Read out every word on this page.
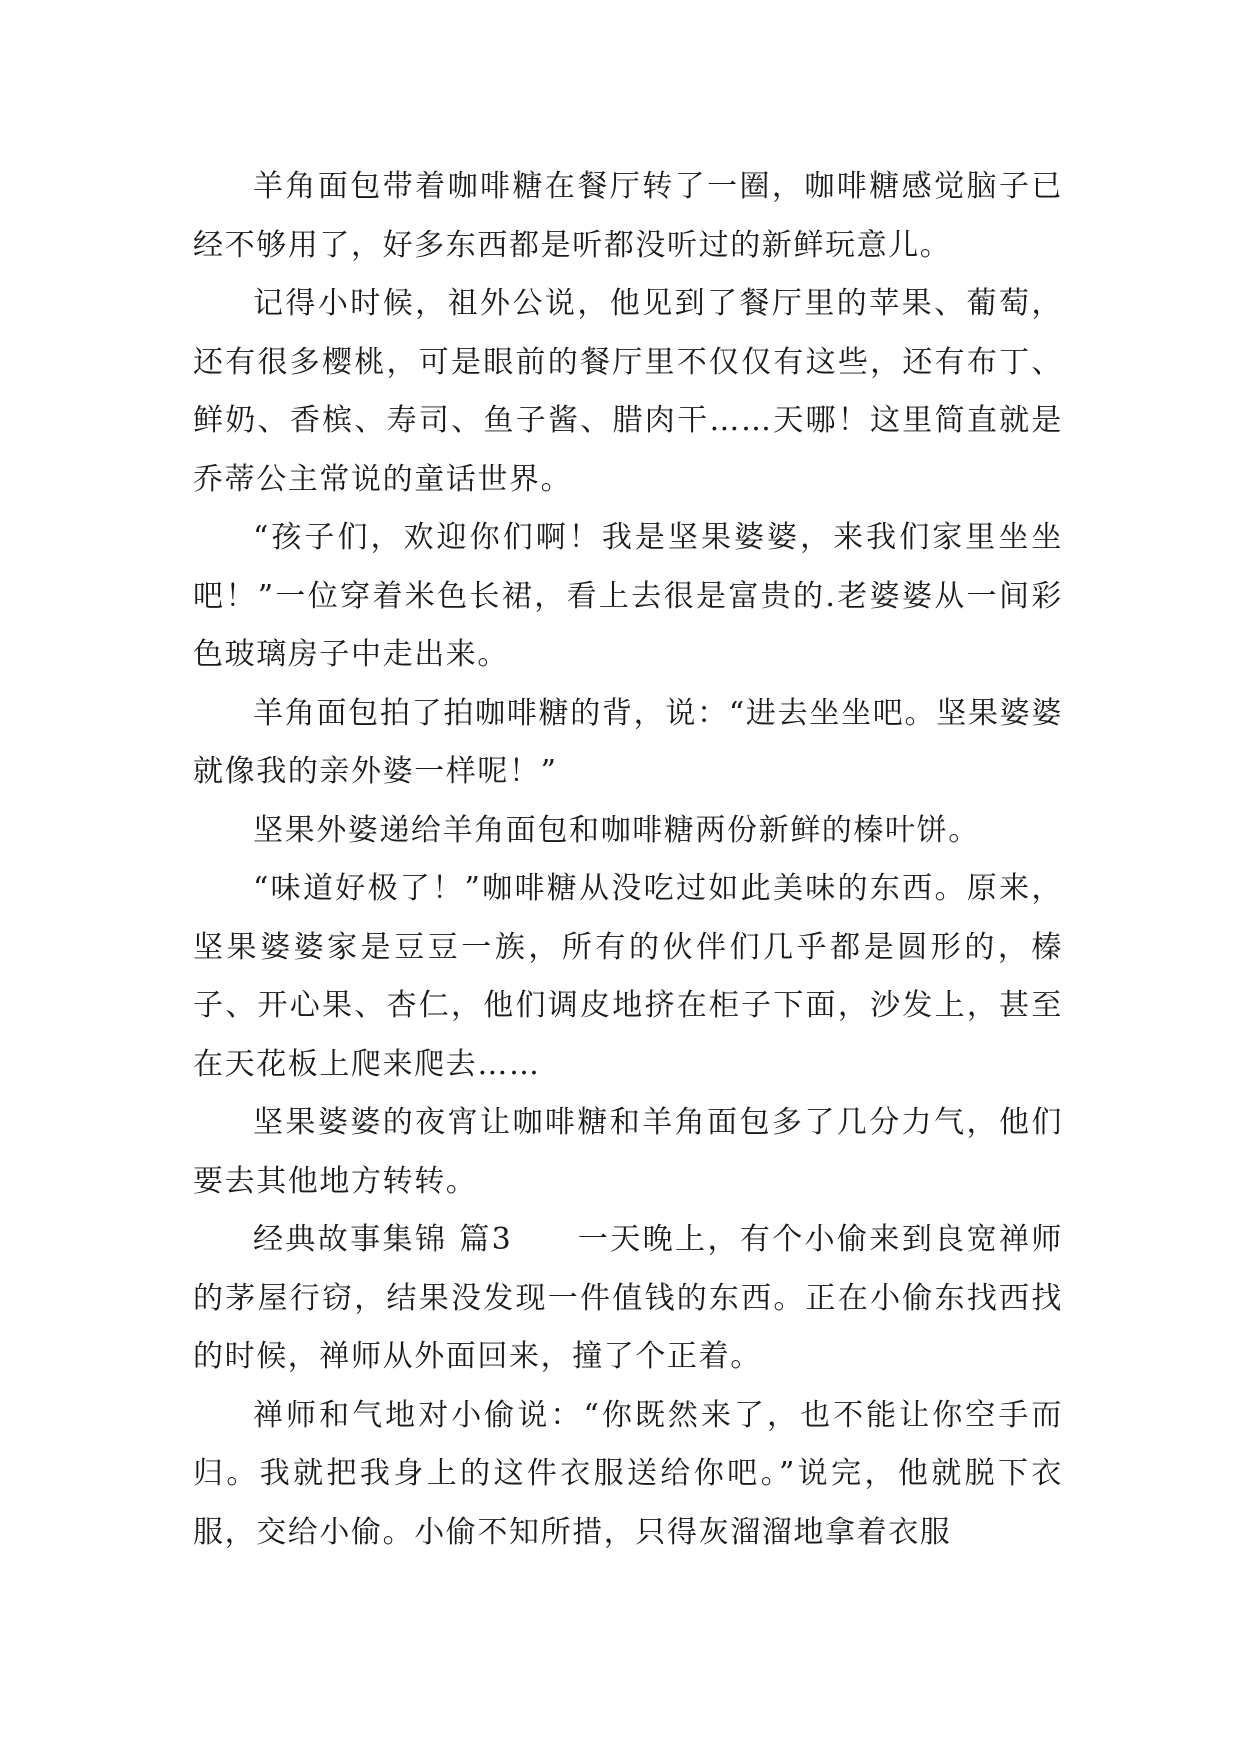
羊角面包带着咖啡糖在餐厅转了一圈，咖啡糖感觉脑子已经不够用了，好多东西都是听都没听过的新鲜玩意儿。

记得小时候，祖外公说，他见到了餐厅里的苹果、葡萄，还有很多樱桃，可是眼前的餐厅里不仅仅有这些，还有布丁、鲜奶、香槟、寿司、鱼子酱、腊肉干……天哪！这里简直就是乔蒂公主常说的童话世界。

“孩子们，欢迎你们啊！我是坚果婆婆，来我们家里坐坐吧！”一位穿着米色长裙，看上去很是富贵的.老婆婆从一间彩色玻璃房子中走出来。

羊角面包拍了拍咖啡糖的背，说：“进去坐坐吧。坚果婆婆就像我的亲外婆一样呢！”

坚果外婆递给羊角面包和咖啡糖两份新鲜的榛叶饼。

“味道好极了！”咖啡糖从没吃过如此美味的东西。原来，坚果婆婆家是豆豆一族，所有的伙伴们几乎都是圆形的，榛子、开心果、杏仁，他们调皮地挤在柜子下面，沙发上，甚至在天花板上爬来爬去……

坚果婆婆的夜宵让咖啡糖和羊角面包多了几分力气，他们要去其他地方转转。

经典故事集锦 篇3　　一天晚上，有个小偷来到良宽禅师的茅屋行窃，结果没发现一件值钱的东西。正在小偷东找西找的时候，禅师从外面回来，撞了个正着。

禅师和气地对小偷说：“你既然来了，也不能让你空手而归。我就把我身上的这件衣服送给你吧。”说完，他就脱下衣服，交给小偷。小偷不知所措，只得灰溜溜地拿着衣服
